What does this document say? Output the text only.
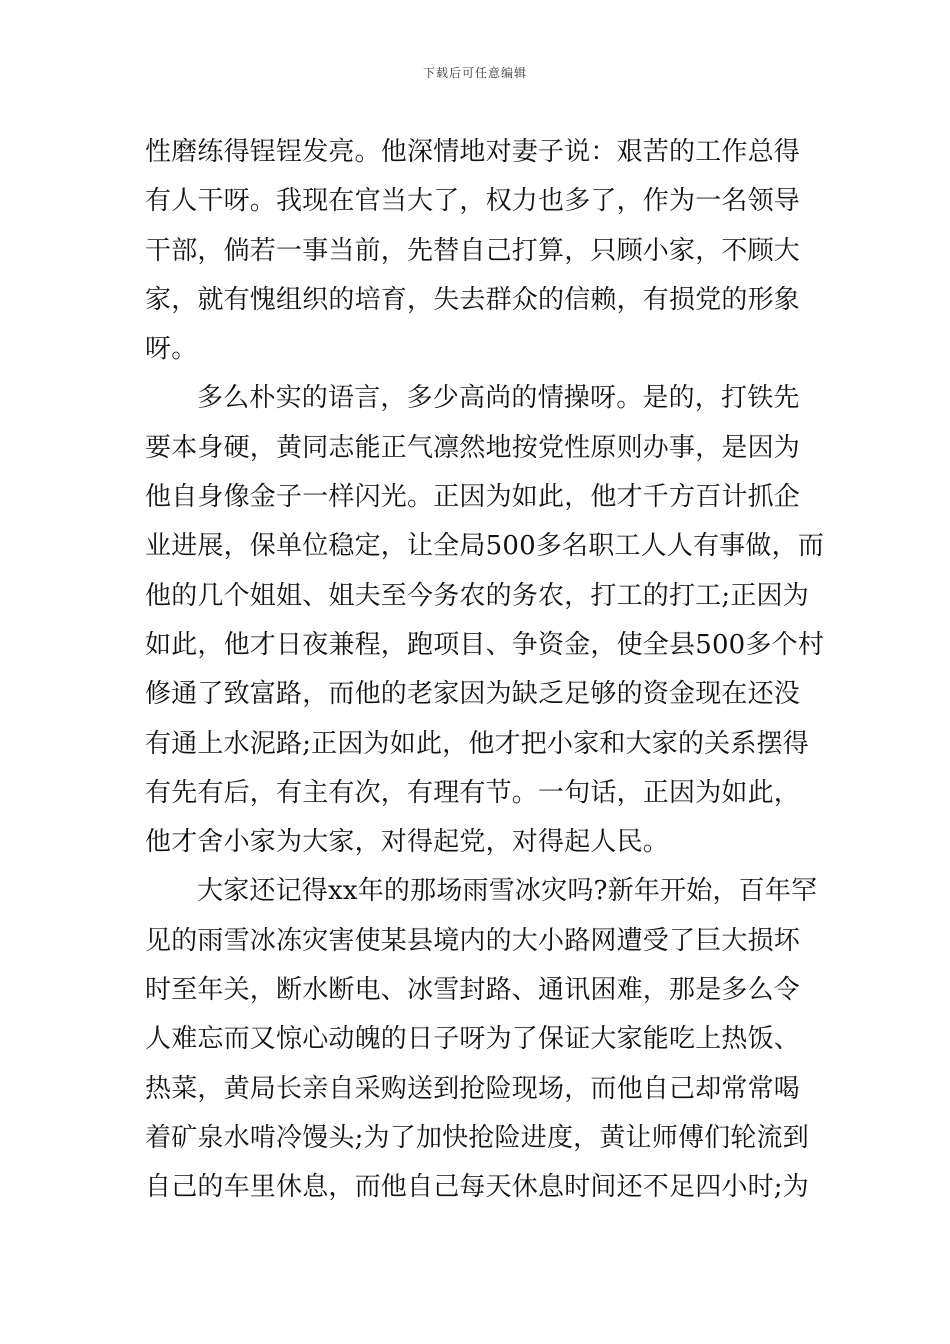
下载后可任意编辑
性磨练得锃锃发亮。他深情地对妻子说：艰苦的工作总得
有人干呀。我现在官当大了，权力也多了，作为一名领导
干部，倘若一事当前，先替自己打算，只顾小家，不顾大
家，就有愧组织的培育，失去群众的信赖，有损党的形象
呀。
多么朴实的语言，多少高尚的情操呀。是的，打铁先
要本身硬，黄同志能正气凛然地按党性原则办事，是因为
他自身像金子一样闪光。正因为如此，他才千方百计抓企
业进展，保单位稳定，让全局500多名职工人人有事做，而
他的几个姐姐、姐夫至今务农的务农，打工的打工;正因为
如此，他才日夜兼程，跑项目、争资金，使全县500多个村
修通了致富路，而他的老家因为缺乏足够的资金现在还没
有通上水泥路;正因为如此，他才把小家和大家的关系摆得
有先有后，有主有次，有理有节。一句话，正因为如此，
他才舍小家为大家，对得起党，对得起人民。
大家还记得xx年的那场雨雪冰灾吗?新年开始，百年罕
见的雨雪冰冻灾害使某县境内的大小路网遭受了巨大损坏
时至年关，断水断电、冰雪封路、通讯困难，那是多么令
人难忘而又惊心动魄的日子呀为了保证大家能吃上热饭、
热菜，黄局长亲自采购送到抢险现场，而他自己却常常喝
着矿泉水啃冷馒头;为了加快抢险进度，黄让师傅们轮流到
自己的车里休息，而他自己每天休息时间还不足四小时;为
